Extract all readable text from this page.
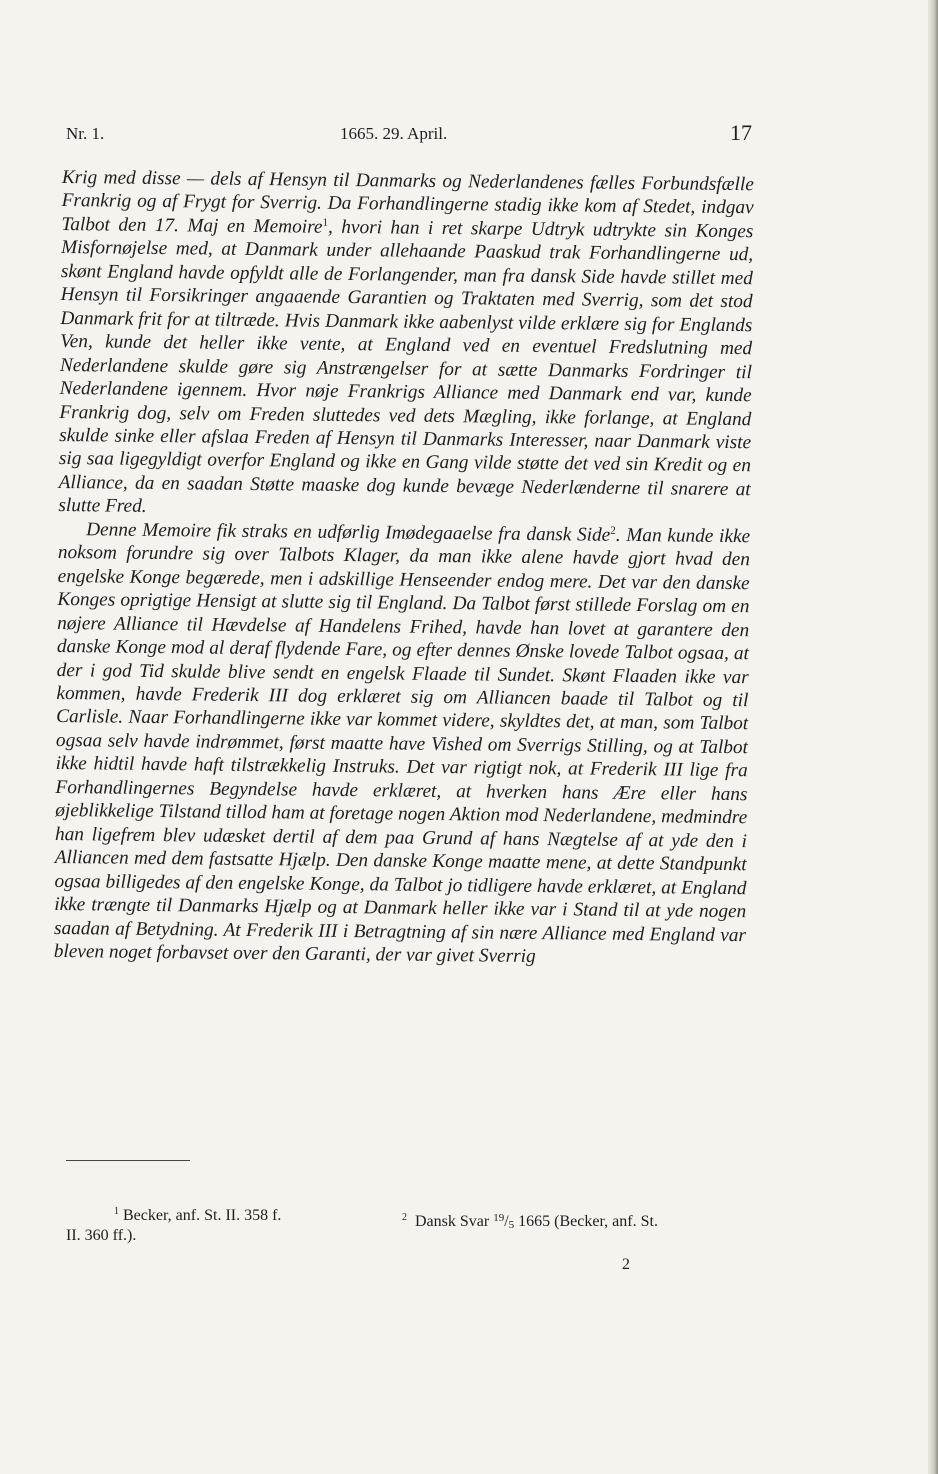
Nr. 1.	1665. 29. April.	17

Krig med disse — dels af Hensyn til Danmarks og Nederlandenes fælles Forbundsfælle Frankrig og af Frygt for Sverrig. Da Forhandlingerne stadig ikke kom af Stedet, indgav Talbot den 17. Maj en Memoire$^1$, hvori han i ret skarpe Udtryk udtrykte sin Konges Misfornøjelse med, at Danmark under allehaande Paaskud trak Forhandlingerne ud, skønt England havde opfyldt alle de Forlangender, man fra dansk Side havde stillet med Hensyn til Forsikringer angaaende Garantien og Traktaten med Sverrig, som det stod Danmark frit for at tiltræde. Hvis Danmark ikke aabenlyst vilde erklære sig for Englands Ven, kunde det heller ikke vente, at England ved en eventuel Fredslutning med Nederlandene skulde gøre sig Anstrængelser for at sætte Danmarks Fordringer til Nederlandene igennem. Hvor nøje Frankrigs Alliance med Danmark end var, kunde Frankrig dog, selv om Freden sluttedes ved dets Mægling, ikke forlange, at England skulde sinke eller afslaa Freden af Hensyn til Danmarks Interesser, naar Danmark viste sig saa ligegyldigt overfor England og ikke en Gang vilde støtte det ved sin Kredit og en Alliance, da en saadan Støtte maaske dog kunde bevæge Nederlænderne til snarere at slutte Fred.

Denne Memoire fik straks en udførlig Imødegaaelse fra dansk Side$^2$. Man kunde ikke noksom forundre sig over Talbots Klager, da man ikke alene havde gjort hvad den engelske Konge begærede, men i adskillige Henseender endog mere. Det var den danske Konges oprigtige Hensigt at slutte sig til England. Da Talbot først stillede Forslag om en nøjere Alliance til Hævdelse af Handelens Frihed, havde han lovet at garantere den danske Konge mod al deraf flydende Fare, og efter dennes Ønske lovede Talbot ogsaa, at der i god Tid skulde blive sendt en engelsk Flaade til Sundet. Skønt Flaaden ikke var kommen, havde Frederik III dog erklæret sig om Alliancen baade til Talbot og til Carlisle. Naar Forhandlingerne ikke var kommet videre, skyldtes det, at man, som Talbot ogsaa selv havde indrømmet, først maatte have Vished om Sverrigs Stilling, og at Talbot ikke hidtil havde haft tilstrækkelig Instruks. Det var rigtigt nok, at Frederik III lige fra Forhandlingernes Begyndelse havde erklæret, at hverken hans Ære eller hans øjeblikkelige Tilstand tillod ham at foretage nogen Aktion mod Nederlandene, medmindre han ligefrem blev udæsket dertil af dem paa Grund af hans Nægtelse af at yde den i Alliancen med dem fastsatte Hjælp. Den danske Konge maatte mene, at dette Standpunkt ogsaa billigedes af den engelske Konge, da Talbot jo tidligere havde erklæret, at England ikke trængte til Danmarks Hjælp og at Danmark heller ikke var i Stand til at yde nogen saadan af Betydning. At Frederik III i Betragtning af sin nære Alliance med England var bleven noget forbavset over den Garanti, der var givet Sverrig

$^1$ Becker, anf. St. II. 358 f.
II. 360 ff.).
$^2$ Dansk Svar $^{19}$/5 1665 (Becker, anf. St.
2
